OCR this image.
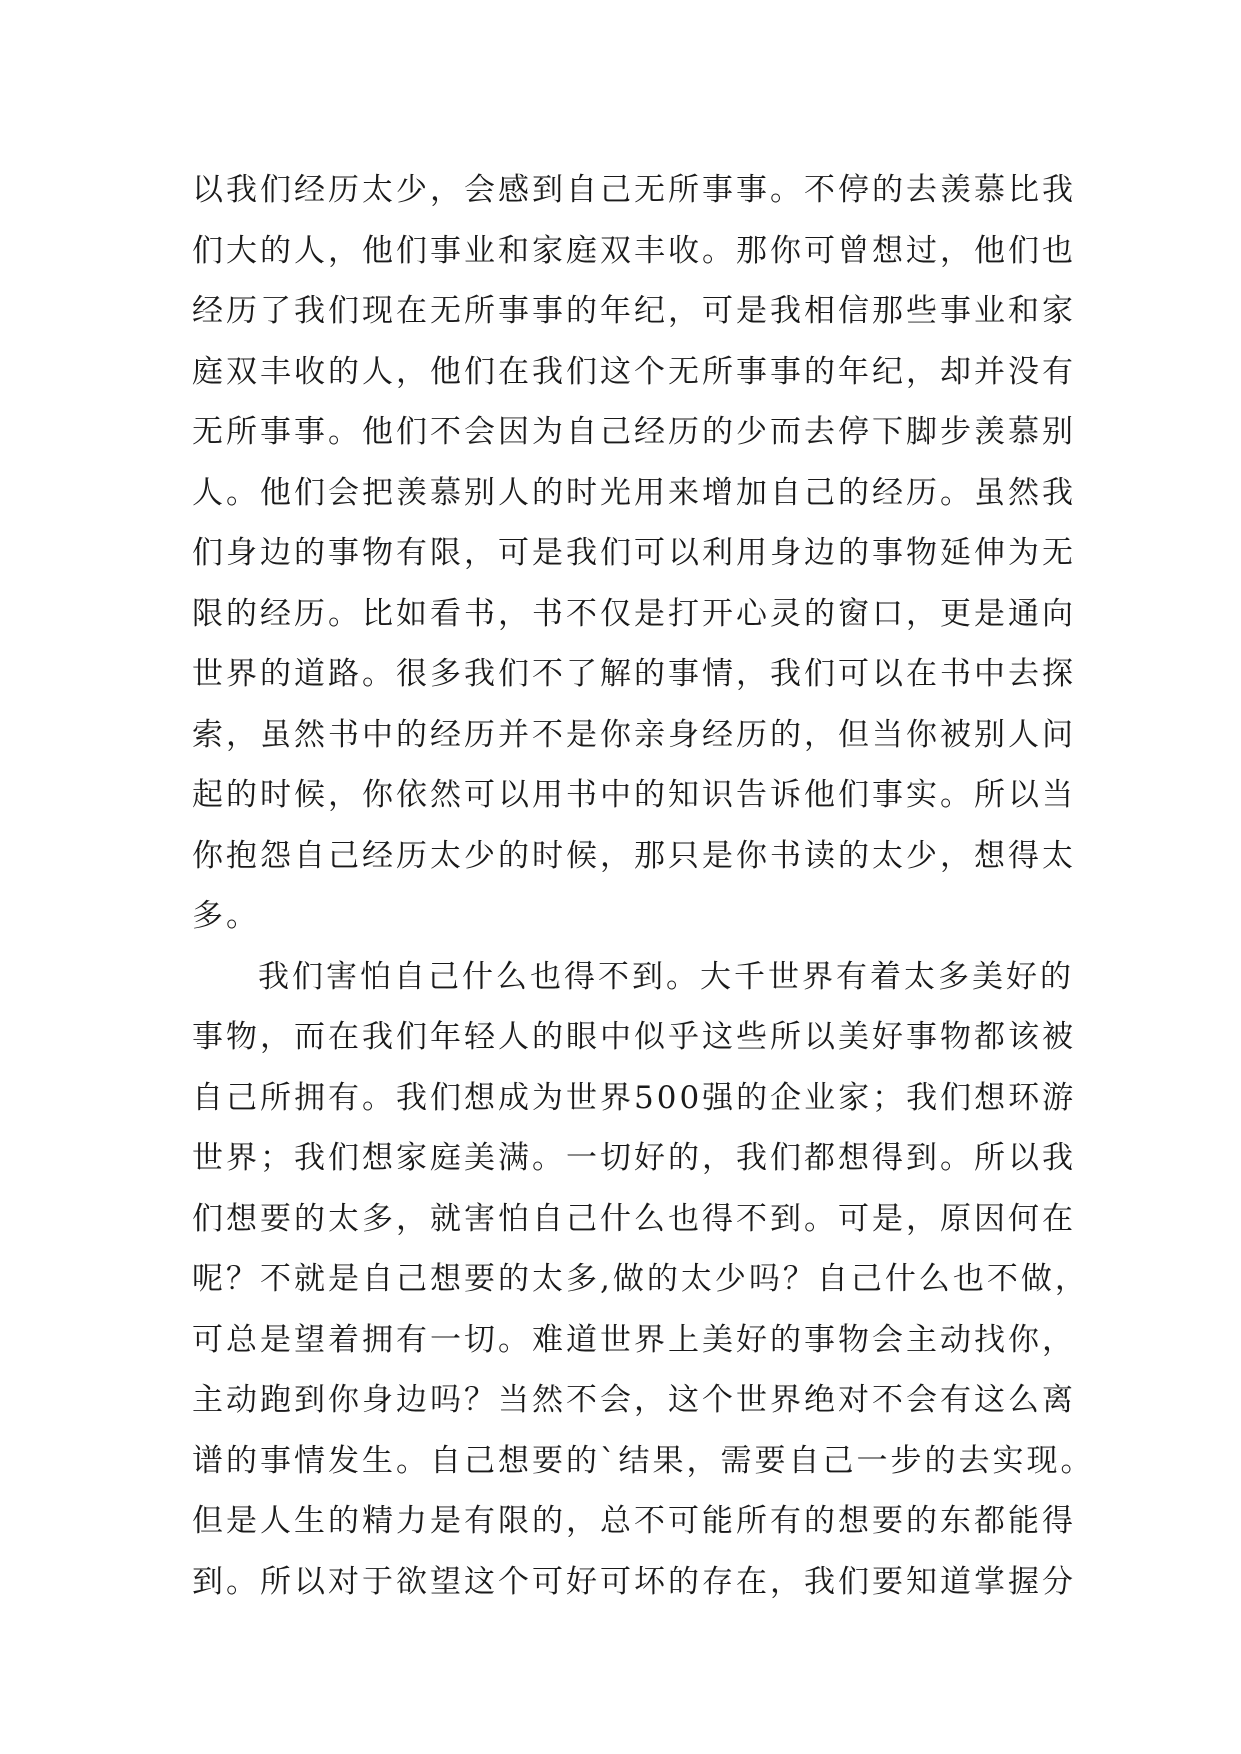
以我们经历太少，会感到自己无所事事。不停的去羡慕比我
们大的人，他们事业和家庭双丰收。那你可曾想过，他们也
经历了我们现在无所事事的年纪，可是我相信那些事业和家
庭双丰收的人，他们在我们这个无所事事的年纪，却并没有
无所事事。他们不会因为自己经历的少而去停下脚步羡慕别
人。他们会把羡慕别人的时光用来增加自己的经历。虽然我
们身边的事物有限，可是我们可以利用身边的事物延伸为无
限的经历。比如看书，书不仅是打开心灵的窗口，更是通向
世界的道路。很多我们不了解的事情，我们可以在书中去探
索，虽然书中的经历并不是你亲身经历的，但当你被别人问
起的时候，你依然可以用书中的知识告诉他们事实。所以当
你抱怨自己经历太少的时候，那只是你书读的太少，想得太
多。
我们害怕自己什么也得不到。大千世界有着太多美好的
事物，而在我们年轻人的眼中似乎这些所以美好事物都该被
自己所拥有。我们想成为世界500强的企业家；我们想环游
世界；我们想家庭美满。一切好的，我们都想得到。所以我
们想要的太多，就害怕自己什么也得不到。可是，原因何在
呢？不就是自己想要的太多,做的太少吗？自己什么也不做，
可总是望着拥有一切。难道世界上美好的事物会主动找你，
主动跑到你身边吗？当然不会，这个世界绝对不会有这么离
谱的事情发生。自己想要的`结果，需要自己一步的去实现。
但是人生的精力是有限的，总不可能所有的想要的东都能得
到。所以对于欲望这个可好可坏的存在，我们要知道掌握分
